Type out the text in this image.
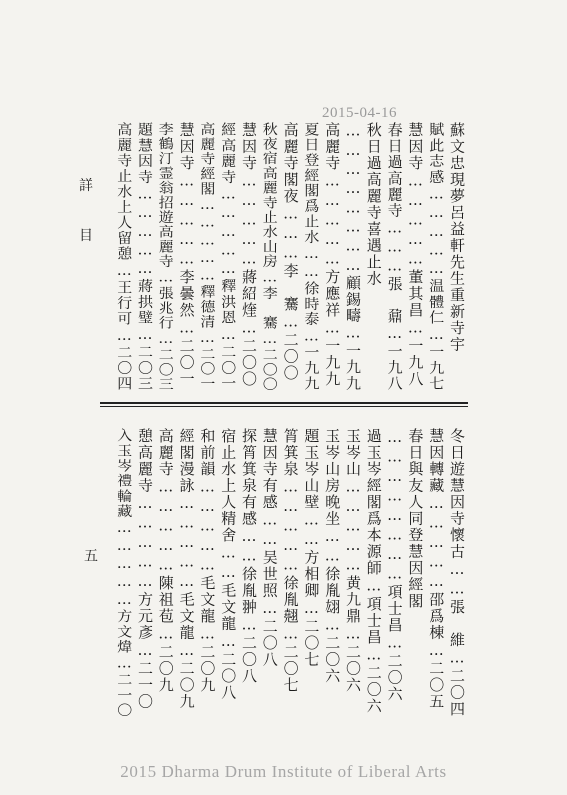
詳
目
2015-04-16
蘇文忠現夢呂益軒先生重新寺宇
賦此志感……………温體仁…一九七
慧因寺……………董其昌…一九八
春日過高麗寺………張　鼐…一九八
秋日過高麗寺喜遇止水
……………………顧錫疇…一九九
高麗寺……………方應祥…一九九
夏日登經閣爲止水……徐時泰…一九九
高麗寺閣夜………李　騫…二〇〇
秋夜宿高麗寺止水山房…李　騫…二〇〇
慧因寺……………蔣紹煃…二〇〇
經高麗寺……………釋洪恩…二〇一
高麗寺經閣……………釋德清…二〇一
慧因寺……………李曇然…二〇一
李鶴汀霊翁招遊高麗寺…張兆行…二〇三
題慧因寺……………蔣拱璧…二〇三
高麗寺止水上人留憩…王行可…二〇四
冬日遊慧因寺懷古……張　維…二〇四
慧因轉藏……………邵爲棟…二〇五
春日與友人同登慧因經閣
……………………項士昌…二〇六
過玉岑經閣爲本源師…項士昌…二〇六
玉岑山……………黄九鼎…二〇六
玉岑山房晚坐……徐胤翃…二〇六
題玉岑山壁……方相卿…二〇七
筲箕泉……………徐胤翹…二〇七
慧因寺有感……吴世照…二〇八
探筲箕泉有感……徐胤翀…二〇八
宿止水上人精舍……毛文龍…二〇八
和前韻……………毛文龍…二〇九
經閣漫詠……………毛文龍…二〇九
高麗寺……………陳祖苞…二〇九
憩高麗寺……………方元彥…二一〇
入玉岑禮輪藏……………方文煒…二一〇
五
2015 Dharma Drum Institute of Liberal Arts
